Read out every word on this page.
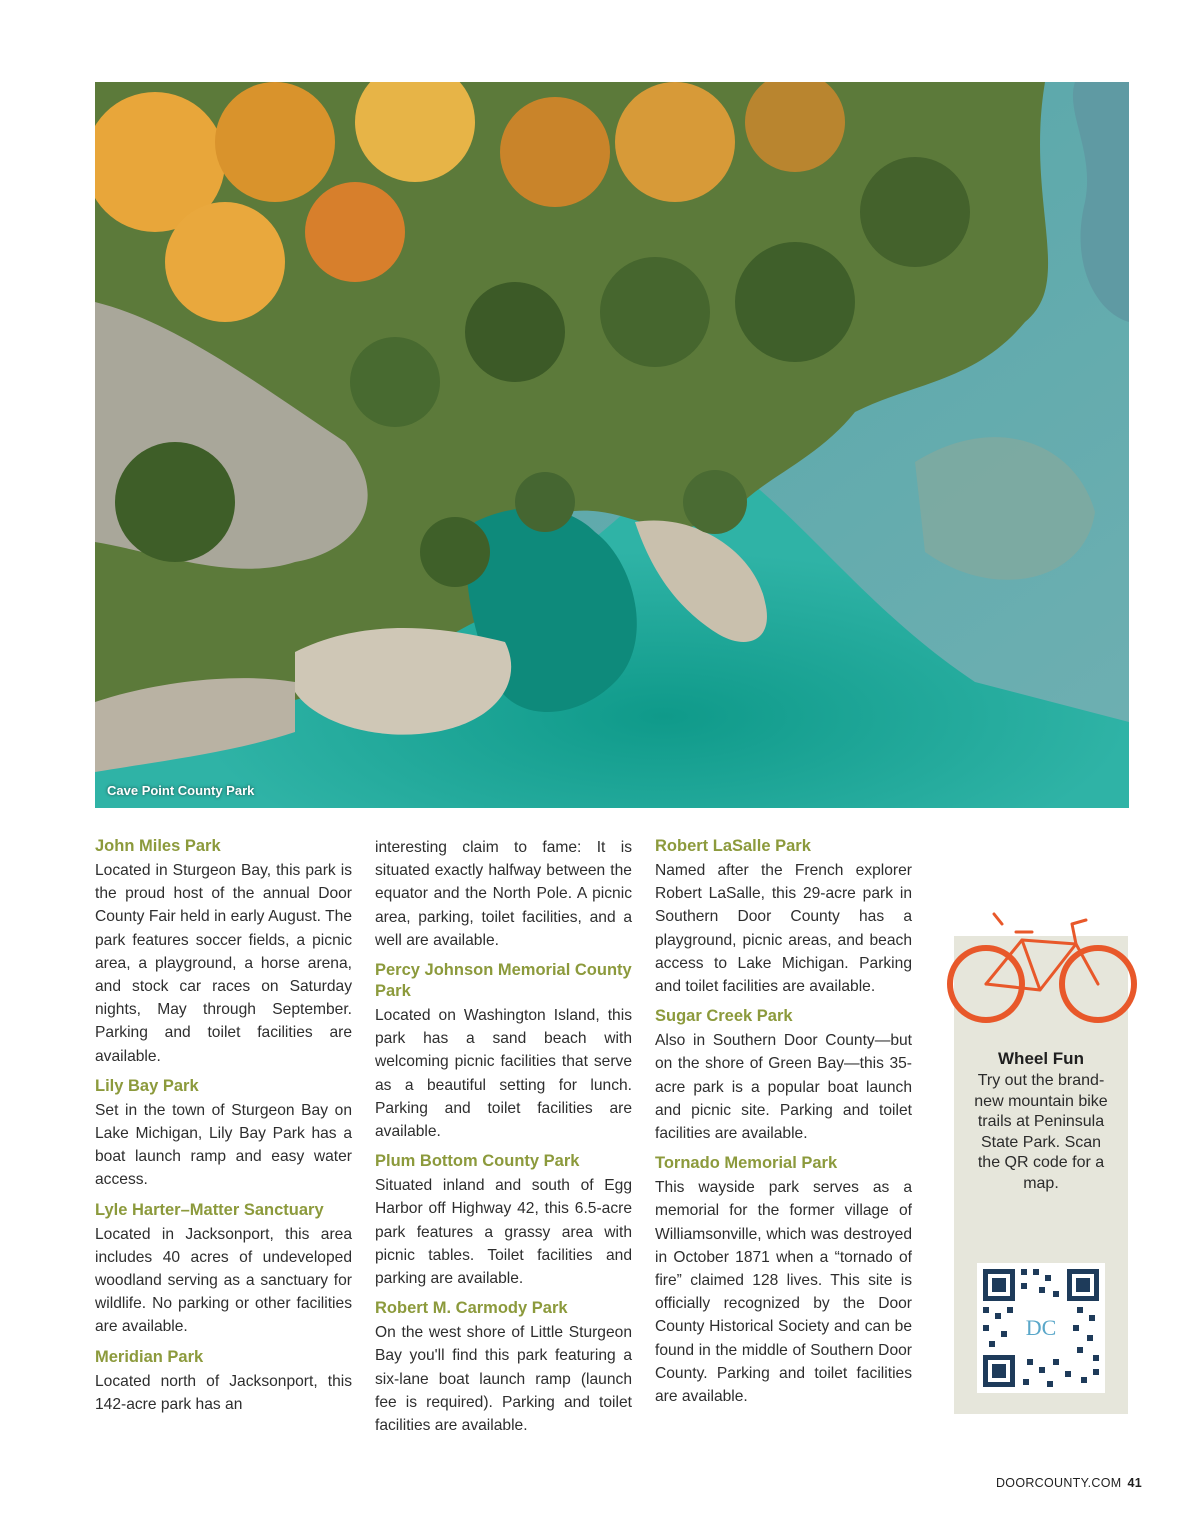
Cave Point County Park
John Miles Park
Located in Sturgeon Bay, this park is the proud host of the annual Door County Fair held in early August. The park features soccer fields, a picnic area, a playground, a horse arena, and stock car races on Saturday nights, May through September. Parking and toilet facilities are available.
Lily Bay Park
Set in the town of Sturgeon Bay on Lake Michigan, Lily Bay Park has a boat launch ramp and easy water access.
Lyle Harter–Matter Sanctuary
Located in Jacksonport, this area includes 40 acres of undeveloped woodland serving as a sanctuary for wildlife. No parking or other facilities are available.
Meridian Park
Located north of Jacksonport, this 142-acre park has an
interesting claim to fame: It is situated exactly halfway between the equator and the North Pole. A picnic area, parking, toilet facilities, and a well are available.
Percy Johnson Memorial County Park
Located on Washington Island, this park has a sand beach with welcoming picnic facilities that serve as a beautiful setting for lunch. Parking and toilet facilities are available.
Plum Bottom County Park
Situated inland and south of Egg Harbor off Highway 42, this 6.5-acre park features a grassy area with picnic tables. Toilet facilities and parking are available.
Robert M. Carmody Park
On the west shore of Little Sturgeon Bay you'll find this park featuring a six-lane boat launch ramp (launch fee is required). Parking and toilet facilities are available.
Robert LaSalle Park
Named after the French explorer Robert LaSalle, this 29-acre park in Southern Door County has a playground, picnic areas, and beach access to Lake Michigan. Parking and toilet facilities are available.
Sugar Creek Park
Also in Southern Door County—but on the shore of Green Bay—this 35-acre park is a popular boat launch and picnic site. Parking and toilet facilities are available.
Tornado Memorial Park
This wayside park serves as a memorial for the former village of Williamsonville, which was destroyed in October 1871 when a “tornado of fire” claimed 128 lives. This site is officially recognized by the Door County Historical Society and can be found in the middle of Southern Door County. Parking and toilet facilities are available.
Wheel Fun
Try out the brand-new mountain bike trails at Peninsula State Park. Scan the QR code for a map.
DC
DOORCOUNTY.COM 41
